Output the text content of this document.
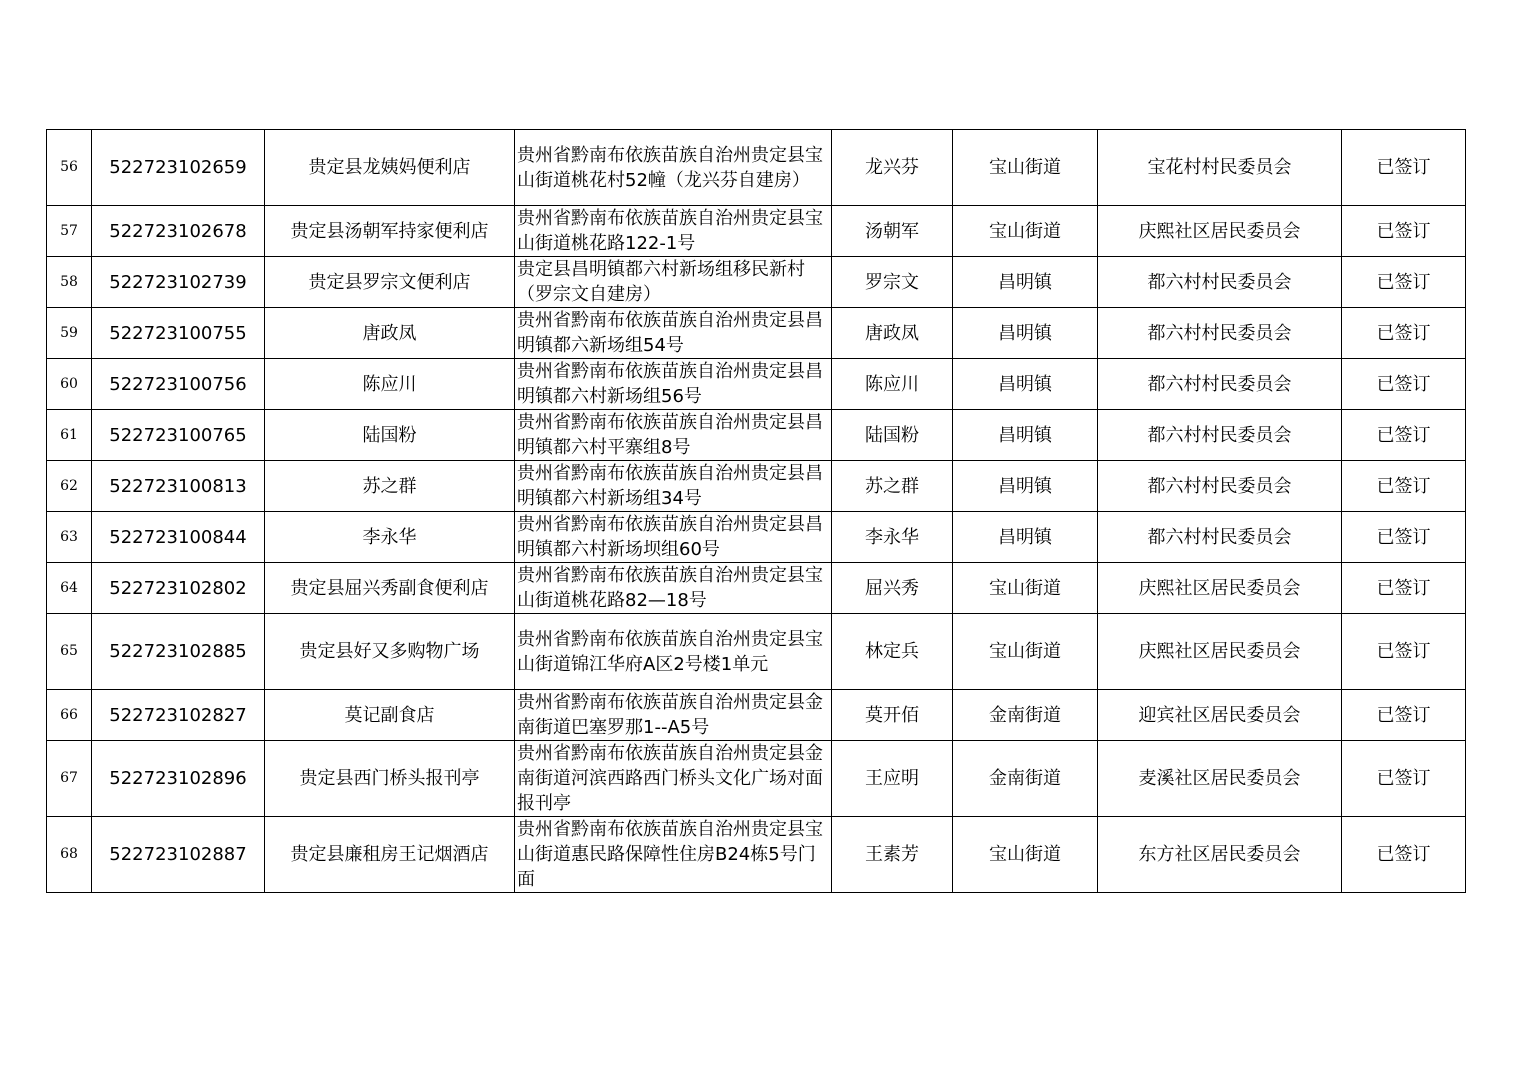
56	522723102659	贵定县龙姨妈便利店	贵州省黔南布依族苗族自治州贵定县宝山街道桃花村52幢（龙兴芬自建房）	龙兴芬	宝山街道	宝花村村民委员会	已签订
57	522723102678	贵定县汤朝军持家便利店	贵州省黔南布依族苗族自治州贵定县宝山街道桃花路122-1号	汤朝军	宝山街道	庆熙社区居民委员会	已签订
58	522723102739	贵定县罗宗文便利店	贵定县昌明镇都六村新场组移民新村（罗宗文自建房）	罗宗文	昌明镇	都六村村民委员会	已签订
59	522723100755	唐政凤	贵州省黔南布依族苗族自治州贵定县昌明镇都六新场组54号	唐政凤	昌明镇	都六村村民委员会	已签订
60	522723100756	陈应川	贵州省黔南布依族苗族自治州贵定县昌明镇都六村新场组56号	陈应川	昌明镇	都六村村民委员会	已签订
61	522723100765	陆国粉	贵州省黔南布依族苗族自治州贵定县昌明镇都六村平寨组8号	陆国粉	昌明镇	都六村村民委员会	已签订
62	522723100813	苏之群	贵州省黔南布依族苗族自治州贵定县昌明镇都六村新场组34号	苏之群	昌明镇	都六村村民委员会	已签订
63	522723100844	李永华	贵州省黔南布依族苗族自治州贵定县昌明镇都六村新场坝组60号	李永华	昌明镇	都六村村民委员会	已签订
64	522723102802	贵定县屈兴秀副食便利店	贵州省黔南布依族苗族自治州贵定县宝山街道桃花路82—18号	屈兴秀	宝山街道	庆熙社区居民委员会	已签订
65	522723102885	贵定县好又多购物广场	贵州省黔南布依族苗族自治州贵定县宝山街道锦江华府A区2号楼1单元	林定兵	宝山街道	庆熙社区居民委员会	已签订
66	522723102827	莫记副食店	贵州省黔南布依族苗族自治州贵定县金南街道巴塞罗那1--A5号	莫开佰	金南街道	迎宾社区居民委员会	已签订
67	522723102896	贵定县西门桥头报刊亭	贵州省黔南布依族苗族自治州贵定县金南街道河滨西路西门桥头文化广场对面报刊亭	王应明	金南街道	麦溪社区居民委员会	已签订
68	522723102887	贵定县廉租房王记烟酒店	贵州省黔南布依族苗族自治州贵定县宝山街道惠民路保障性住房B24栋5号门面	王素芳	宝山街道	东方社区居民委员会	已签订
